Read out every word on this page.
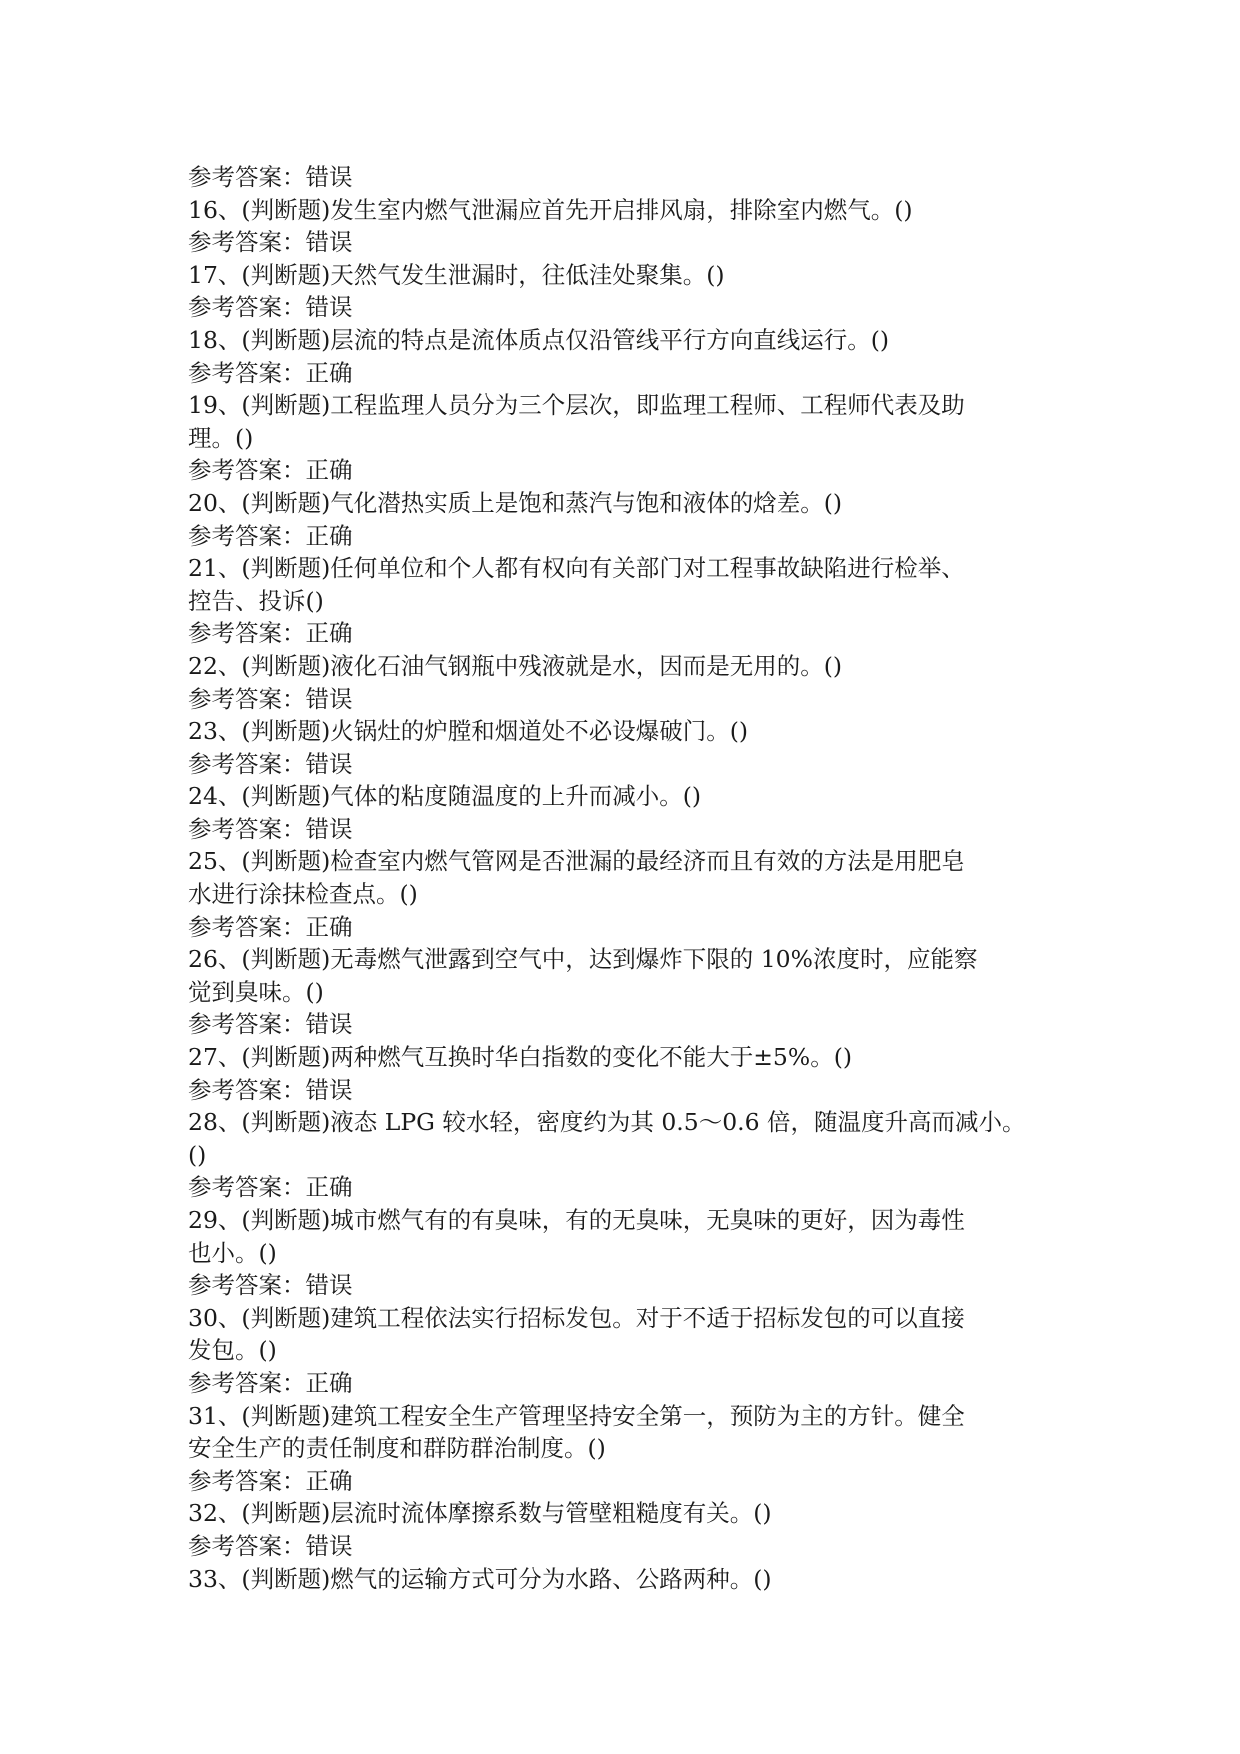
参考答案：错误
16、(判断题)发生室内燃气泄漏应首先开启排风扇，排除室内燃气。()
参考答案：错误
17、(判断题)天然气发生泄漏时，往低洼处聚集。()
参考答案：错误
18、(判断题)层流的特点是流体质点仅沿管线平行方向直线运行。()
参考答案：正确
19、(判断题)工程监理人员分为三个层次，即监理工程师、工程师代表及助
理。()
参考答案：正确
20、(判断题)气化潜热实质上是饱和蒸汽与饱和液体的焓差。()
参考答案：正确
21、(判断题)任何单位和个人都有权向有关部门对工程事故缺陷进行检举、
控告、投诉()
参考答案：正确
22、(判断题)液化石油气钢瓶中残液就是水，因而是无用的。()
参考答案：错误
23、(判断题)火锅灶的炉膛和烟道处不必设爆破门。()
参考答案：错误
24、(判断题)气体的粘度随温度的上升而减小。()
参考答案：错误
25、(判断题)检查室内燃气管网是否泄漏的最经济而且有效的方法是用肥皂
水进行涂抹检查点。()
参考答案：正确
26、(判断题)无毒燃气泄露到空气中，达到爆炸下限的 10%浓度时，应能察
觉到臭味。()
参考答案：错误
27、(判断题)两种燃气互换时华白指数的变化不能大于±5%。()
参考答案：错误
28、(判断题)液态 LPG 较水轻，密度约为其 0.5～0.6 倍，随温度升高而减小。
()
参考答案：正确
29、(判断题)城市燃气有的有臭味，有的无臭味，无臭味的更好，因为毒性
也小。()
参考答案：错误
30、(判断题)建筑工程依法实行招标发包。对于不适于招标发包的可以直接
发包。()
参考答案：正确
31、(判断题)建筑工程安全生产管理坚持安全第一，预防为主的方针。健全
安全生产的责任制度和群防群治制度。()
参考答案：正确
32、(判断题)层流时流体摩擦系数与管壁粗糙度有关。()
参考答案：错误
33、(判断题)燃气的运输方式可分为水路、公路两种。()
